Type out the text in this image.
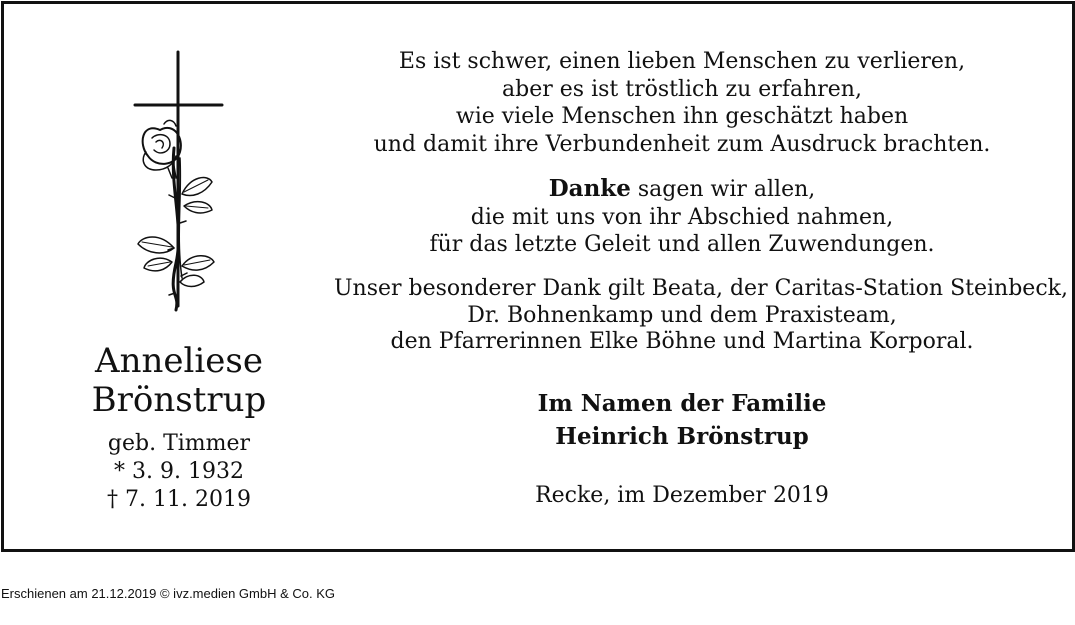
Anneliese
Brönstrup
geb. Timmer
* 3. 9. 1932
† 7. 11. 2019
Es ist schwer, einen lieben Menschen zu verlieren,
aber es ist tröstlich zu erfahren,
wie viele Menschen ihn geschätzt haben
und damit ihre Verbundenheit zum Ausdruck brachten.
Danke sagen wir allen,
die mit uns von ihr Abschied nahmen,
für das letzte Geleit und allen Zuwendungen.
Unser besonderer Dank gilt Beata, der Caritas-Station Steinbeck,
Dr. Bohnenkamp und dem Praxisteam,
den Pfarrerinnen Elke Böhne und Martina Korporal.
Im Namen der Familie
Heinrich Brönstrup
Recke, im Dezember 2019
Erschienen am 21.12.2019 © ivz.medien GmbH & Co. KG
